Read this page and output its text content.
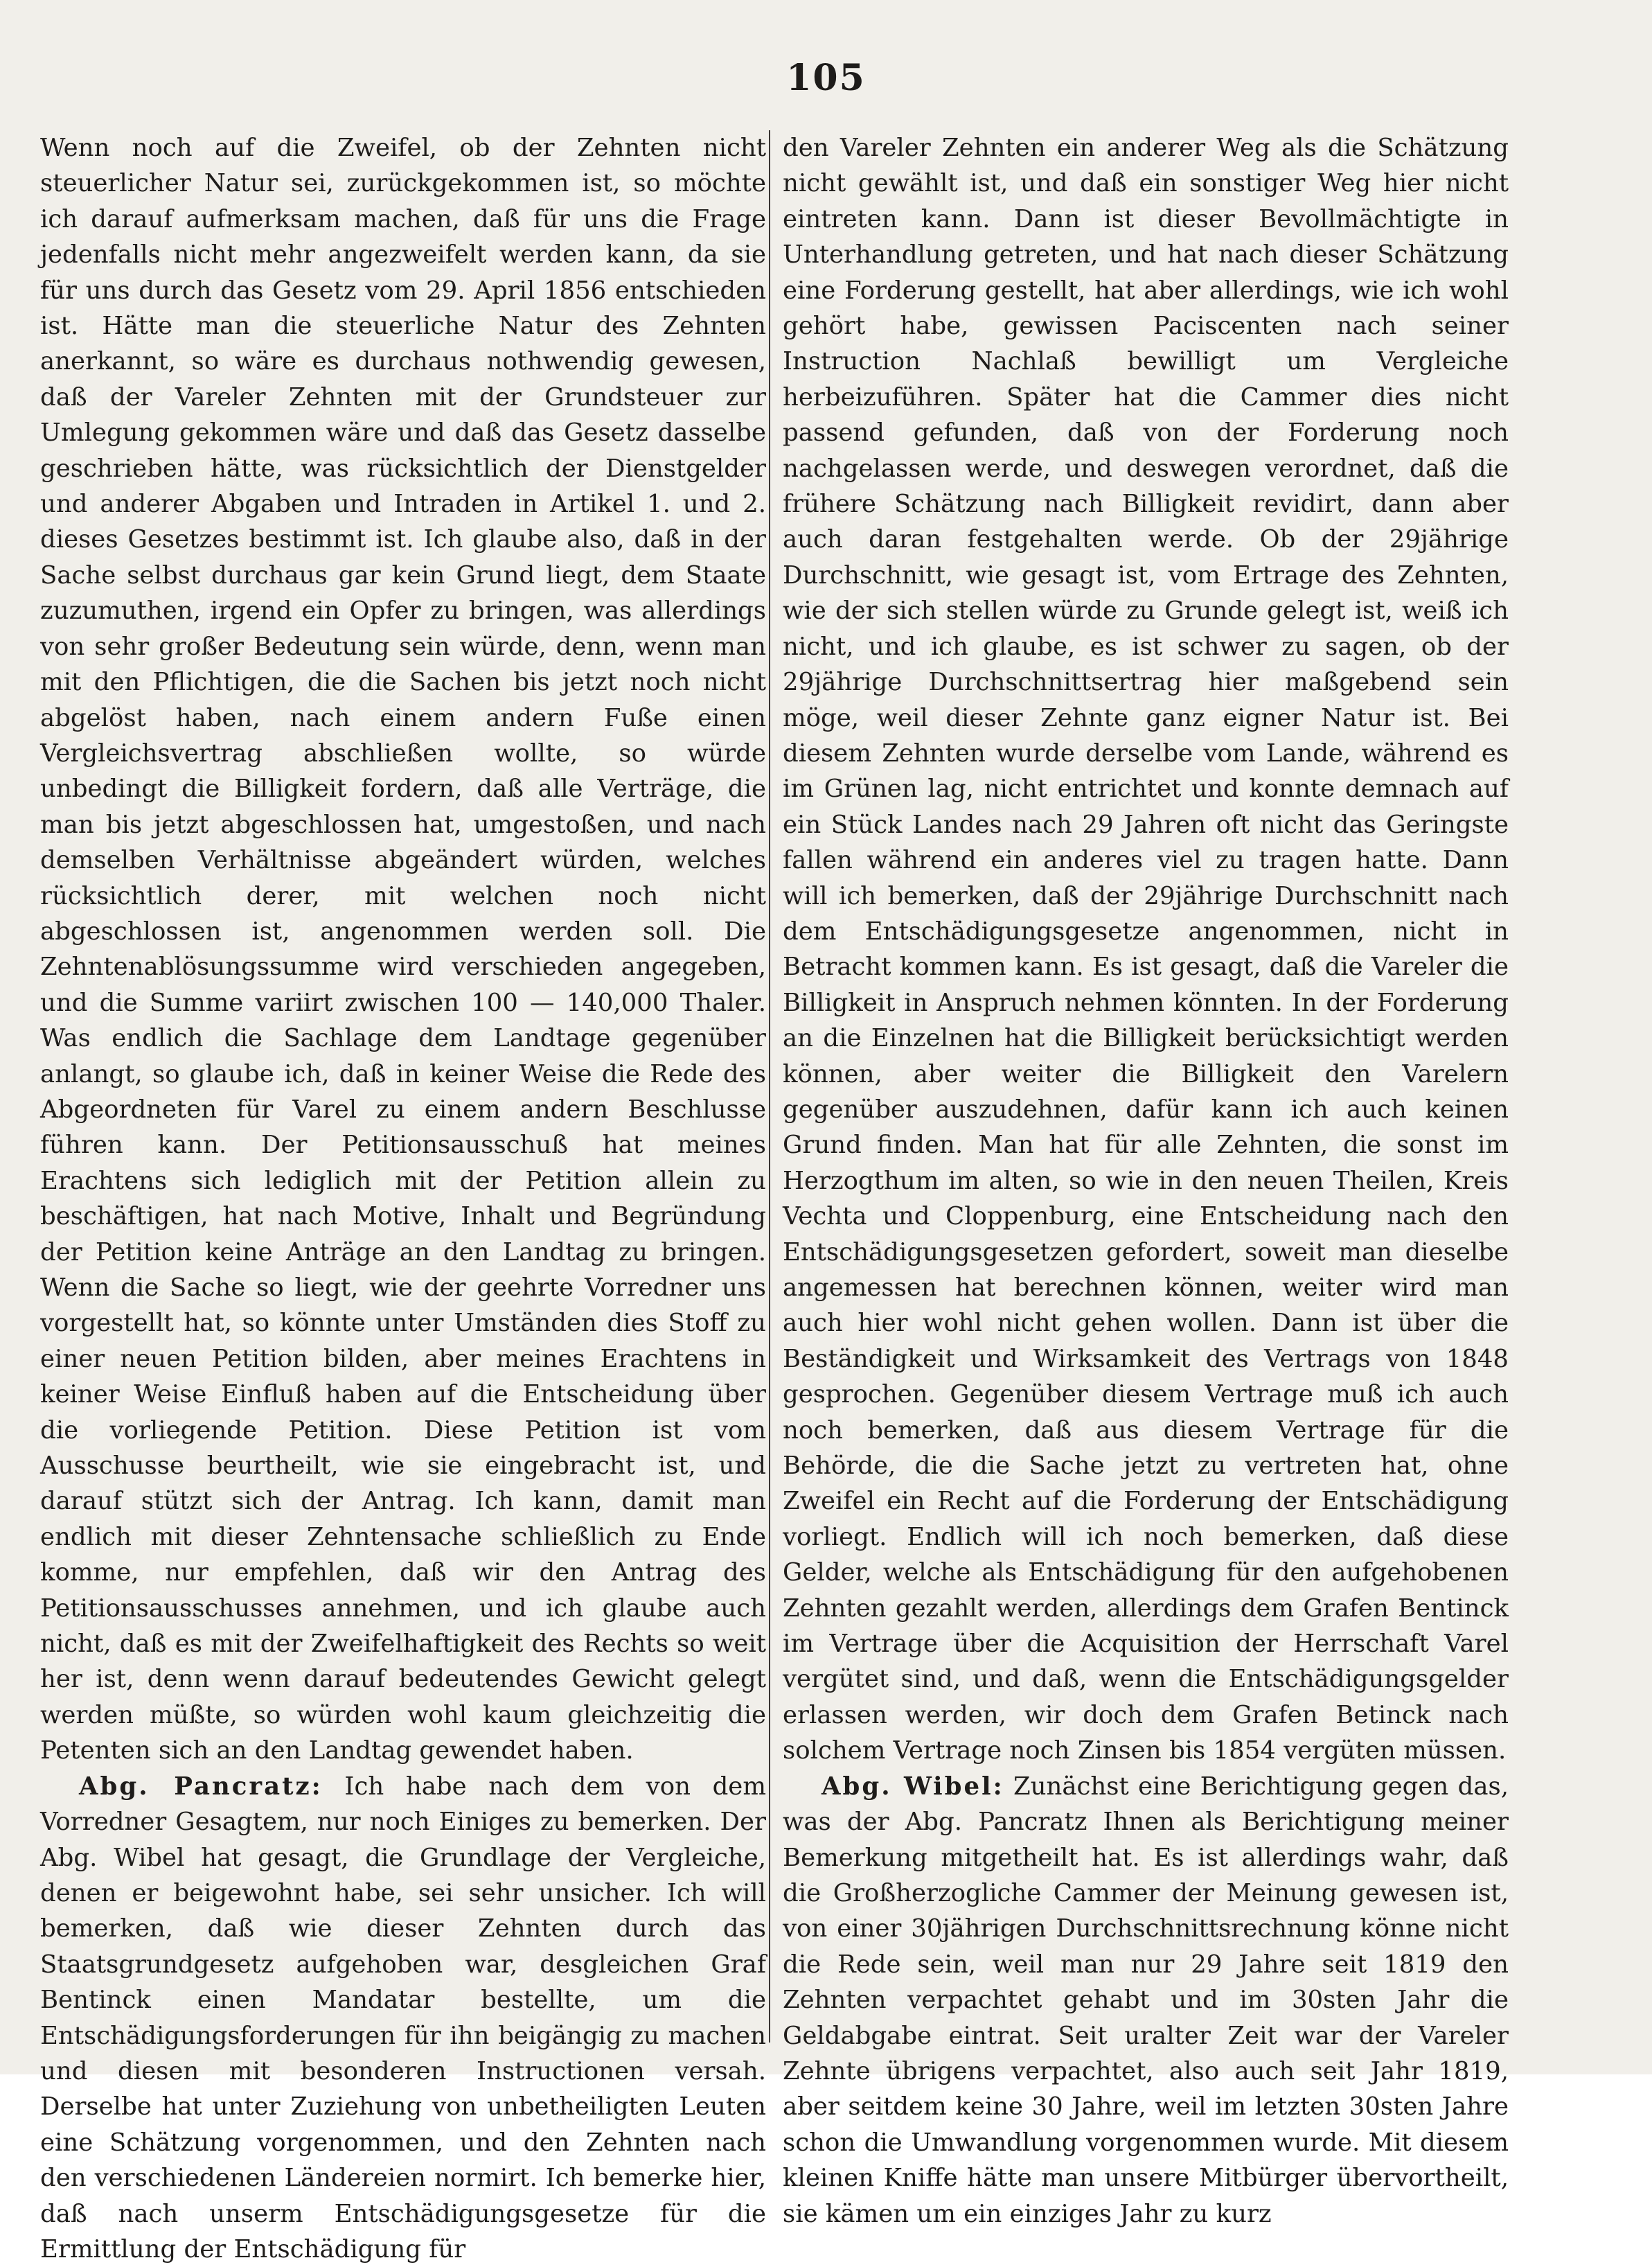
105

Wenn noch auf die Zweifel, ob der Zehnten nicht steuerlicher Natur sei, zurückgekommen ist, so möchte ich darauf aufmerksam machen, daß für uns die Frage jedenfalls nicht mehr angezweifelt werden kann, da sie für uns durch das Gesetz vom 29. April 1856 entschieden ist. Hätte man die steuerliche Natur des Zehnten anerkannt, so wäre es durchaus nothwendig gewesen, daß der Vareler Zehnten mit der Grundsteuer zur Umlegung gekommen wäre und daß das Gesetz dasselbe geschrieben hätte, was rücksichtlich der Dienstgelder und anderer Abgaben und Intraden in Artikel 1. und 2. dieses Gesetzes bestimmt ist. Ich glaube also, daß in der Sache selbst durchaus gar kein Grund liegt, dem Staate zuzumuthen, irgend ein Opfer zu bringen, was allerdings von sehr großer Bedeutung sein würde, denn, wenn man mit den Pflichtigen, die die Sachen bis jetzt noch nicht abgelöst haben, nach einem andern Fuße einen Vergleichsvertrag abschließen wollte, so würde unbedingt die Billigkeit fordern, daß alle Verträge, die man bis jetzt abgeschlossen hat, umgestoßen, und nach demselben Verhältnisse abgeändert würden, welches rücksichtlich derer, mit welchen noch nicht abgeschlossen ist, angenommen werden soll. Die Zehntenablösungssumme wird verschieden angegeben, und die Summe variirt zwischen 100 — 140,000 Thaler. Was endlich die Sachlage dem Landtage gegenüber anlangt, so glaube ich, daß in keiner Weise die Rede des Abgeordneten für Varel zu einem andern Beschlusse führen kann. Der Petitionsausschuß hat meines Erachtens sich lediglich mit der Petition allein zu beschäftigen, hat nach Motive, Inhalt und Begründung der Petition keine Anträge an den Landtag zu bringen. Wenn die Sache so liegt, wie der geehrte Vorredner uns vorgestellt hat, so könnte unter Umständen dies Stoff zu einer neuen Petition bilden, aber meines Erachtens in keiner Weise Einfluß haben auf die Entscheidung über die vorliegende Petition. Diese Petition ist vom Ausschusse beurtheilt, wie sie eingebracht ist, und darauf stützt sich der Antrag. Ich kann, damit man endlich mit dieser Zehntensache schließlich zu Ende komme, nur empfehlen, daß wir den Antrag des Petitionsausschusses annehmen, und ich glaube auch nicht, daß es mit der Zweifelhaftigkeit des Rechts so weit her ist, denn wenn darauf bedeutendes Gewicht gelegt werden müßte, so würden wohl kaum gleichzeitig die Petenten sich an den Landtag gewendet haben.

Abg. Pancratz: Ich habe nach dem von dem Vorredner Gesagtem, nur noch Einiges zu bemerken. Der Abg. Wibel hat gesagt, die Grundlage der Vergleiche, denen er beigewohnt habe, sei sehr unsicher. Ich will bemerken, daß wie dieser Zehnten durch das Staatsgrundgesetz aufgehoben war, desgleichen Graf Bentinck einen Mandatar bestellte, um die Entschädigungsforderungen für ihn beigängig zu machen und diesen mit besonderen Instructionen versah. Derselbe hat unter Zuziehung von unbetheiligten Leuten eine Schätzung vorgenommen, und den Zehnten nach den verschiedenen Ländereien normirt. Ich bemerke hier, daß nach unserm Entschädigungsgesetze für die Ermittlung der Entschädigung für

den Vareler Zehnten ein anderer Weg als die Schätzung nicht gewählt ist, und daß ein sonstiger Weg hier nicht eintreten kann. Dann ist dieser Bevollmächtigte in Unterhandlung getreten, und hat nach dieser Schätzung eine Forderung gestellt, hat aber allerdings, wie ich wohl gehört habe, gewissen Paciscenten nach seiner Instruction Nachlaß bewilligt um Vergleiche herbeizuführen. Später hat die Cammer dies nicht passend gefunden, daß von der Forderung noch nachgelassen werde, und deswegen verordnet, daß die frühere Schätzung nach Billigkeit revidirt, dann aber auch daran festgehalten werde. Ob der 29jährige Durchschnitt, wie gesagt ist, vom Ertrage des Zehnten, wie der sich stellen würde zu Grunde gelegt ist, weiß ich nicht, und ich glaube, es ist schwer zu sagen, ob der 29jährige Durchschnittsertrag hier maßgebend sein möge, weil dieser Zehnte ganz eigner Natur ist. Bei diesem Zehnten wurde derselbe vom Lande, während es im Grünen lag, nicht entrichtet und konnte demnach auf ein Stück Landes nach 29 Jahren oft nicht das Geringste fallen während ein anderes viel zu tragen hatte. Dann will ich bemerken, daß der 29jährige Durchschnitt nach dem Entschädigungsgesetze angenommen, nicht in Betracht kommen kann. Es ist gesagt, daß die Vareler die Billigkeit in Anspruch nehmen könnten. In der Forderung an die Einzelnen hat die Billigkeit berücksichtigt werden können, aber weiter die Billigkeit den Varelern gegenüber auszudehnen, dafür kann ich auch keinen Grund finden. Man hat für alle Zehnten, die sonst im Herzogthum im alten, so wie in den neuen Theilen, Kreis Vechta und Cloppenburg, eine Entscheidung nach den Entschädigungsgesetzen gefordert, soweit man dieselbe angemessen hat berechnen können, weiter wird man auch hier wohl nicht gehen wollen. Dann ist über die Beständigkeit und Wirksamkeit des Vertrags von 1848 gesprochen. Gegenüber diesem Vertrage muß ich auch noch bemerken, daß aus diesem Vertrage für die Behörde, die die Sache jetzt zu vertreten hat, ohne Zweifel ein Recht auf die Forderung der Entschädigung vorliegt. Endlich will ich noch bemerken, daß diese Gelder, welche als Entschädigung für den aufgehobenen Zehnten gezahlt werden, allerdings dem Grafen Bentinck im Vertrage über die Acquisition der Herrschaft Varel vergütet sind, und daß, wenn die Entschädigungsgelder erlassen werden, wir doch dem Grafen Betinck nach solchem Vertrage noch Zinsen bis 1854 vergüten müssen.

Abg. Wibel: Zunächst eine Berichtigung gegen das, was der Abg. Pancratz Ihnen als Berichtigung meiner Bemerkung mitgetheilt hat. Es ist allerdings wahr, daß die Großherzogliche Cammer der Meinung gewesen ist, von einer 30jährigen Durchschnittsrechnung könne nicht die Rede sein, weil man nur 29 Jahre seit 1819 den Zehnten verpachtet gehabt und im 30sten Jahr die Geldabgabe eintrat. Seit uralter Zeit war der Vareler Zehnte übrigens verpachtet, also auch seit Jahr 1819, aber seitdem keine 30 Jahre, weil im letzten 30sten Jahre schon die Umwandlung vorgenommen wurde. Mit diesem kleinen Kniffe hätte man unsere Mitbürger übervortheilt, sie kämen um ein einziges Jahr zu kurz
